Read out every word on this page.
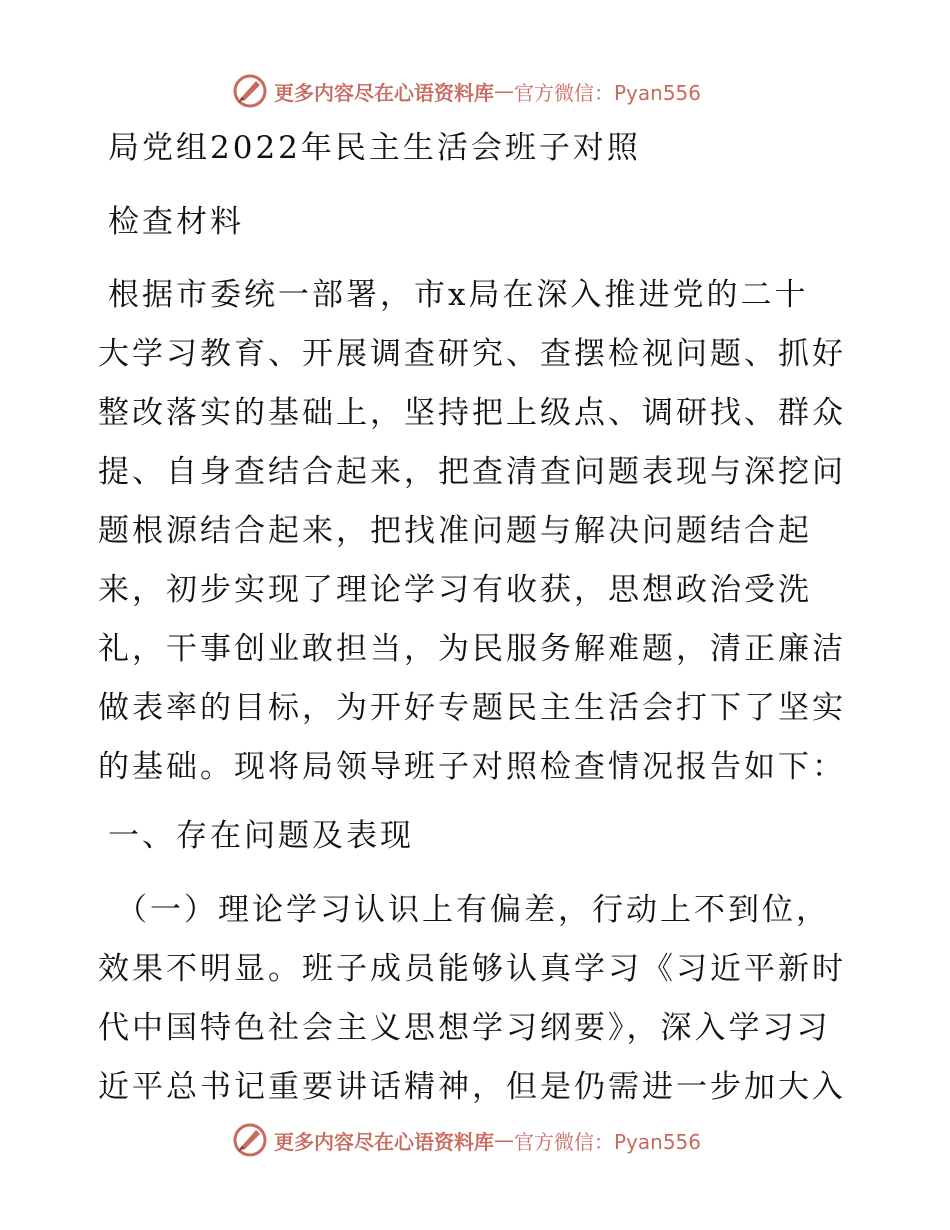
更多内容尽在心语资料库 — 官方微信：Pyan556
局党组2022年民主生活会班子对照
检查材料
根据市委统一部署，市x局在深入推进党的二十
大学习教育、开展调查研究、查摆检视问题、抓好
整改落实的基础上，坚持把上级点、调研找、群众
提、自身查结合起来，把查清查问题表现与深挖问
题根源结合起来，把找准问题与解决问题结合起
来，初步实现了理论学习有收获，思想政治受洗
礼，干事创业敢担当，为民服务解难题，清正廉洁
做表率的目标，为开好专题民主生活会打下了坚实
的基础。现将局领导班子对照检查情况报告如下：
一、存在问题及表现
（一）理论学习认识上有偏差，行动上不到位，
效果不明显。班子成员能够认真学习《习近平新时
代中国特色社会主义思想学习纲要》，深入学习习
近平总书记重要讲话精神，但是仍需进一步加大入
更多内容尽在心语资料库 — 官方微信：Pyan556
